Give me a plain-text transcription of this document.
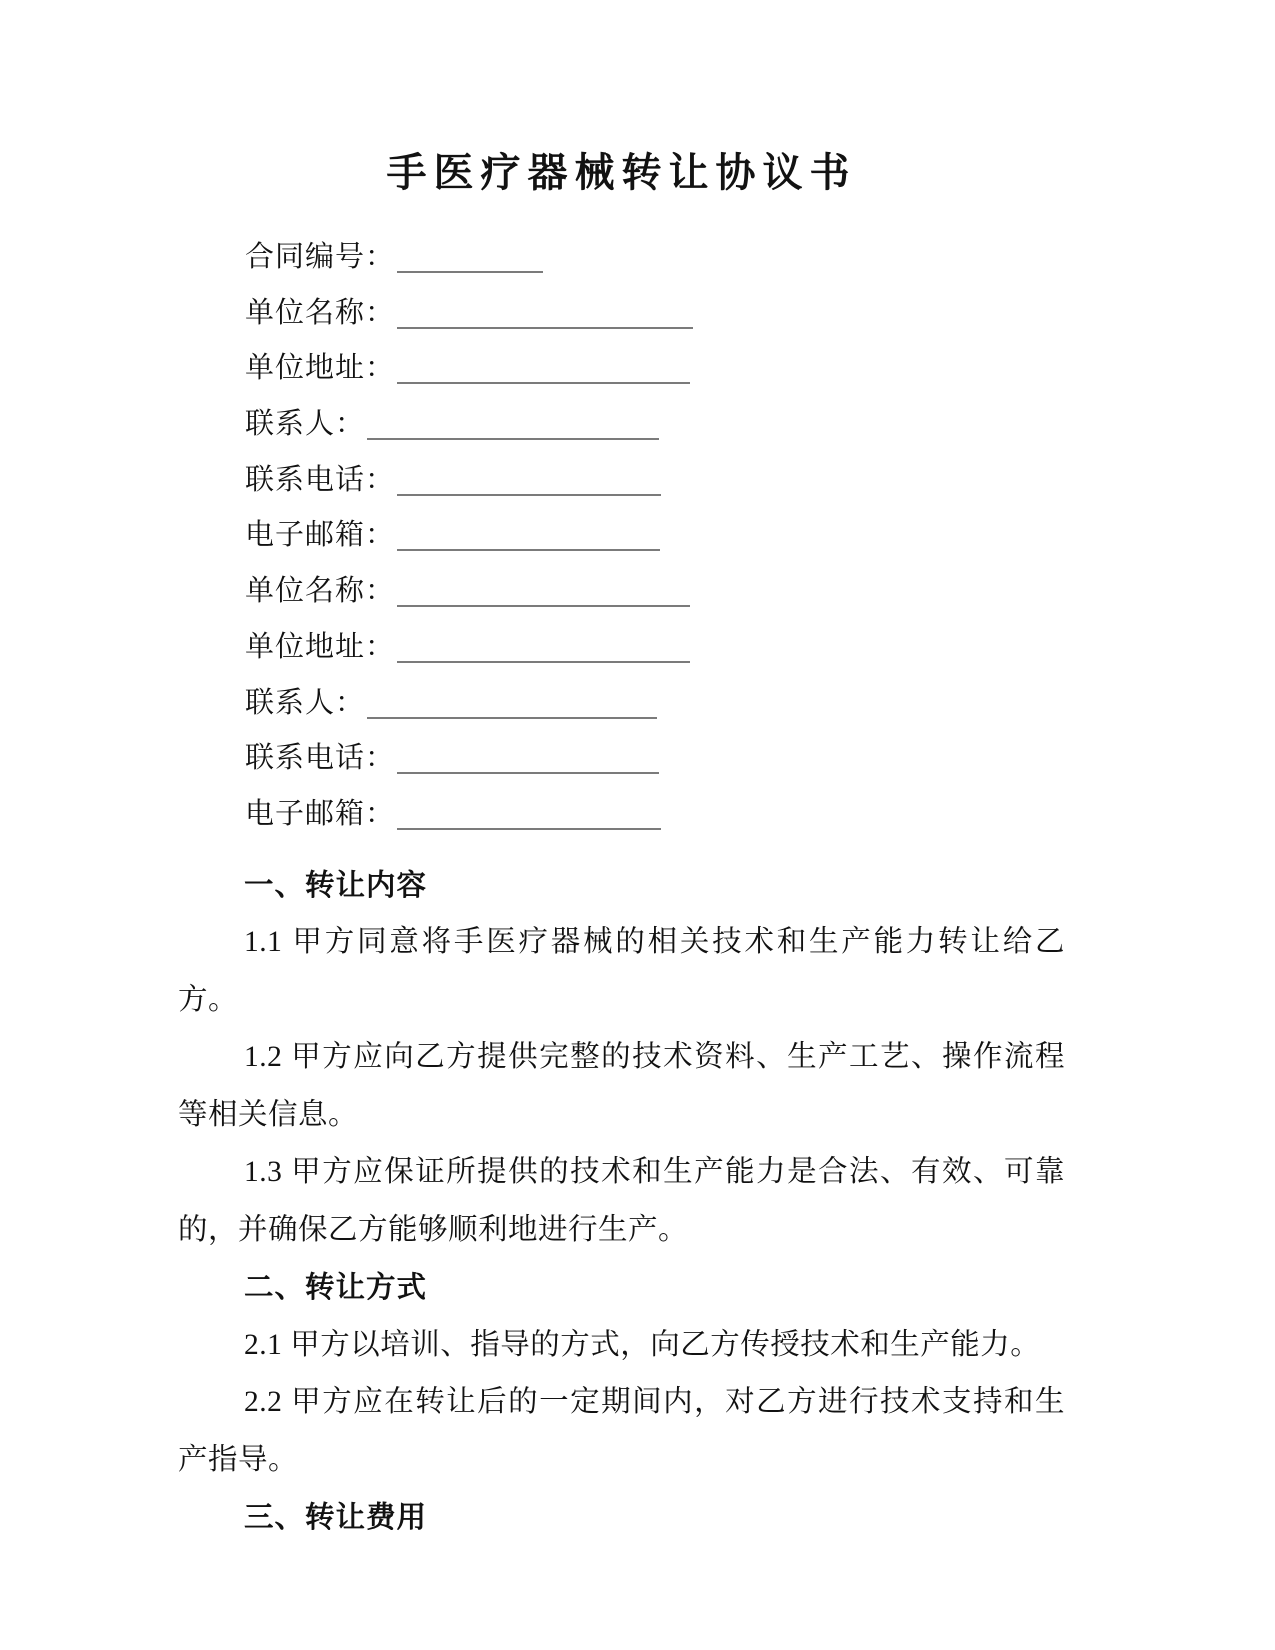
手医疗器械转让协议书
合同编号：
单位名称：
单位地址：
联系人：
联系电话：
电子邮箱：
单位名称：
单位地址：
联系人：
联系电话：
电子邮箱：
一、转让内容

1.1 甲方同意将手医疗器械的相关技术和生产能力转让给乙方。

1.2 甲方应向乙方提供完整的技术资料、生产工艺、操作流程等相关信息。

1.3 甲方应保证所提供的技术和生产能力是合法、有效、可靠的，并确保乙方能够顺利地进行生产。

二、转让方式

2.1 甲方以培训、指导的方式，向乙方传授技术和生产能力。

2.2 甲方应在转让后的一定期间内，对乙方进行技术支持和生产指导。

三、转让费用
